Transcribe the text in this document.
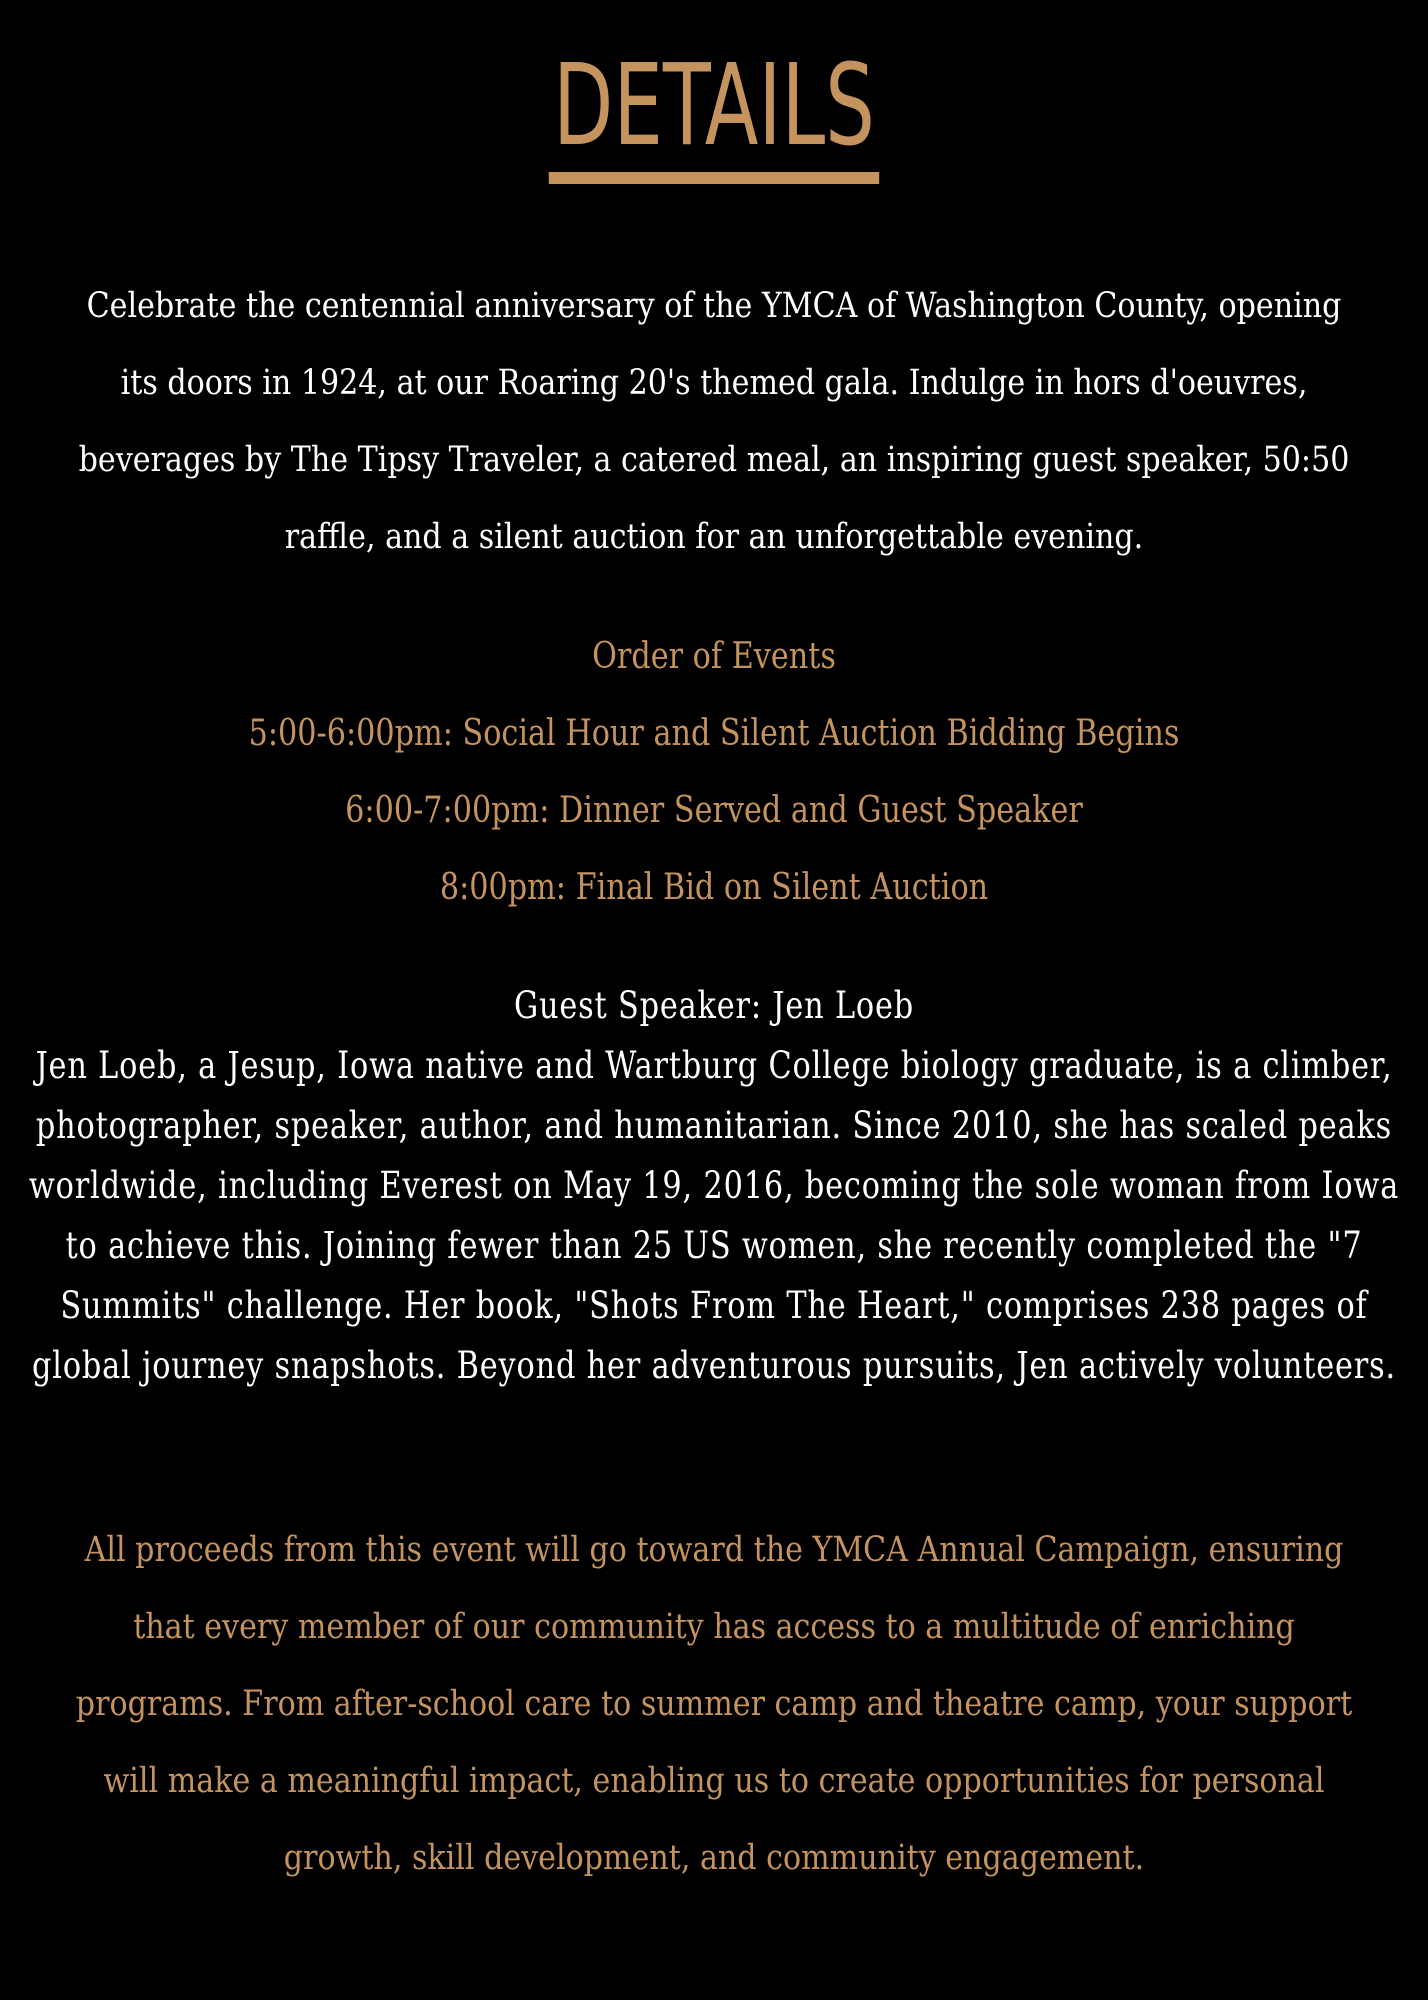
DETAILS

Celebrate the centennial anniversary of the YMCA of Washington County, opening its doors in 1924, at our Roaring 20's themed gala. Indulge in hors d'oeuvres, beverages by The Tipsy Traveler, a catered meal, an inspiring guest speaker, 50:50 raffle, and a silent auction for an unforgettable evening.

Order of Events
5:00-6:00pm: Social Hour and Silent Auction Bidding Begins
6:00-7:00pm: Dinner Served and Guest Speaker
8:00pm: Final Bid on Silent Auction

Guest Speaker: Jen Loeb
Jen Loeb, a Jesup, Iowa native and Wartburg College biology graduate, is a climber, photographer, speaker, author, and humanitarian. Since 2010, she has scaled peaks worldwide, including Everest on May 19, 2016, becoming the sole woman from Iowa to achieve this. Joining fewer than 25 US women, she recently completed the "7 Summits" challenge. Her book, "Shots From The Heart," comprises 238 pages of global journey snapshots. Beyond her adventurous pursuits, Jen actively volunteers.

All proceeds from this event will go toward the YMCA Annual Campaign, ensuring that every member of our community has access to a multitude of enriching programs. From after-school care to summer camp and theatre camp, your support will make a meaningful impact, enabling us to create opportunities for personal growth, skill development, and community engagement.
